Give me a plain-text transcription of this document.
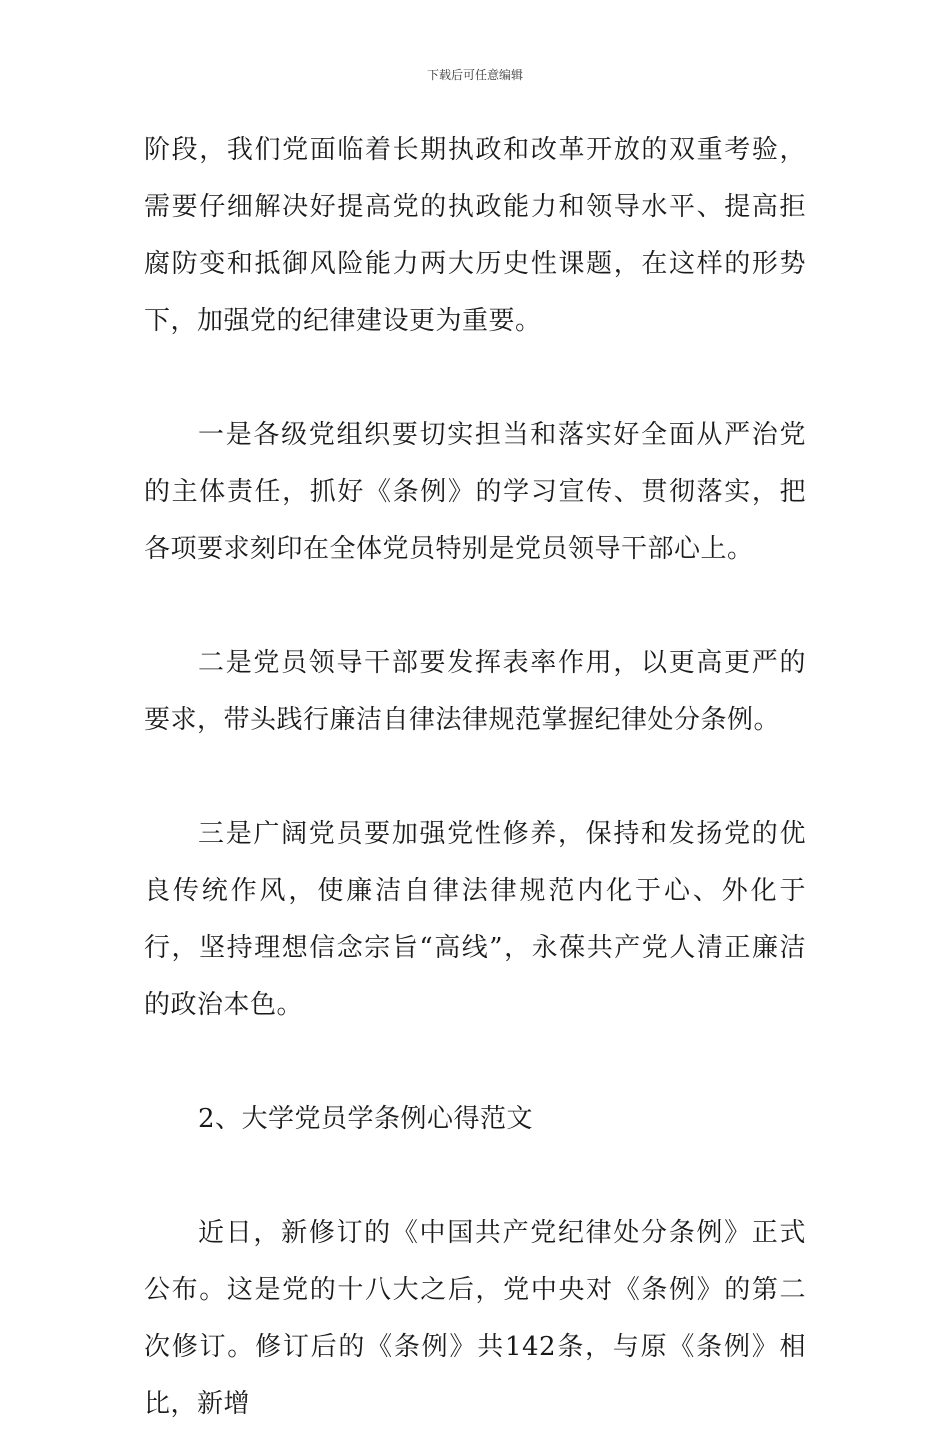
下载后可任意编辑

阶段，我们党面临着长期执政和改革开放的双重考验，需要仔细解决好提高党的执政能力和领导水平、提高拒腐防变和抵御风险能力两大历史性课题，在这样的形势下，加强党的纪律建设更为重要。

一是各级党组织要切实担当和落实好全面从严治党的主体责任，抓好《条例》的学习宣传、贯彻落实，把各项要求刻印在全体党员特别是党员领导干部心上。

二是党员领导干部要发挥表率作用，以更高更严的要求，带头践行廉洁自律法律规范掌握纪律处分条例。

三是广阔党员要加强党性修养，保持和发扬党的优良传统作风，使廉洁自律法律规范内化于心、外化于行，坚持理想信念宗旨“高线”，永葆共产党人清正廉洁的政治本色。

2、大学党员学条例心得范文

近日，新修订的《中国共产党纪律处分条例》正式公布。这是党的十八大之后，党中央对《条例》的第二次修订。修订后的《条例》共142条，与原《条例》相比，新增
